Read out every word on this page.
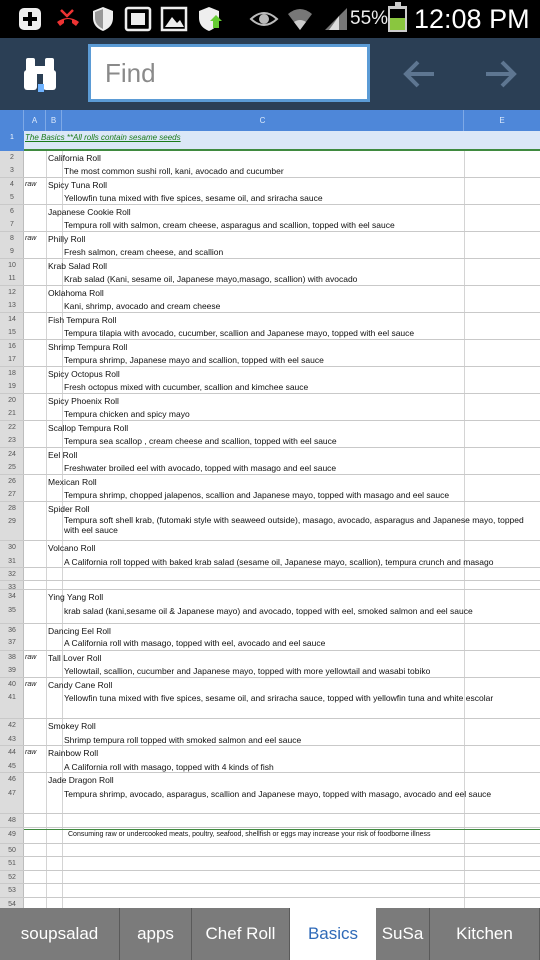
55% 12:08 PM
Find
A	B	C	E
1	The Basics **All rolls contain sesame seeds
2	California Roll
3	The most common sushi roll, kani, avocado and cucumber
4	raw	Spicy Tuna Roll
5	Yellowfin tuna mixed with five spices, sesame oil, and sriracha sauce
6	Japanese Cookie Roll
7	Tempura roll with salmon, cream cheese, asparagus and scallion, topped with eel sauce
8	raw	Philly Roll
9	Fresh salmon, cream cheese, and scallion
10	Krab Salad Roll
11	Krab salad (Kani, sesame oil, Japanese mayo,masago, scallion) with avocado
12	Oklahoma Roll
13	Kani, shrimp, avocado and cream cheese
14	Fish Tempura Roll
15	Tempura tilapia with avocado, cucumber, scallion and Japanese mayo, topped with eel sauce
16	Shrimp Tempura Roll
17	Tempura shrimp, Japanese mayo and scallion, topped with eel sauce
18	Spicy Octopus Roll
19	Fresh octopus mixed with cucumber, scallion and kimchee sauce
20	Spicy Phoenix Roll
21	Tempura chicken and spicy mayo
22	Scallop Tempura Roll
23	Tempura sea scallop , cream cheese and scallion, topped with eel sauce
24	Eel Roll
25	Freshwater broiled eel with avocado, topped with masago and eel sauce
26	Mexican Roll
27	Tempura shrimp, chopped jalapenos, scallion and Japanese mayo, topped with masago and eel sauce
28	Spider Roll
29	Tempura soft shell krab, (futomaki style with seaweed outside), masago, avocado, asparagus and Japanese mayo, topped with eel sauce
30	Volcano Roll
31	A California roll topped with baked krab salad (sesame oil, Japanese mayo, scallion), tempura crunch and masago
32
33
34	Ying Yang Roll
35	krab salad (kani,sesame oil & Japanese mayo) and avocado, topped with eel, smoked salmon and eel sauce
36	Dancing Eel Roll
37	A California roll with masago, topped with eel, avocado and eel sauce
38	raw	Tall Lover Roll
39	Yellowtail, scallion, cucumber and Japanese mayo, topped with more yellowtail and wasabi tobiko
40	raw	Candy Cane Roll
41	Yellowfin tuna mixed with five spices, sesame oil, and sriracha sauce, topped with yellowfin tuna and white escolar
42	Smokey Roll
43	Shrimp tempura roll topped with smoked salmon and eel sauce
44	raw	Rainbow Roll
45	A California roll with masago, topped with 4 kinds of fish
46	Jade Dragon Roll
47	Tempura shrimp, avocado, asparagus, scallion and Japanese mayo, topped with masago, avocado and eel sauce
48
49	Consuming raw or undercooked meats, poultry, seafood, shellfish or eggs may increase your risk of foodborne illness
50
51
52
53
54
soupsalad	apps	Chef Roll	Basics	SuSa	Kitchen
